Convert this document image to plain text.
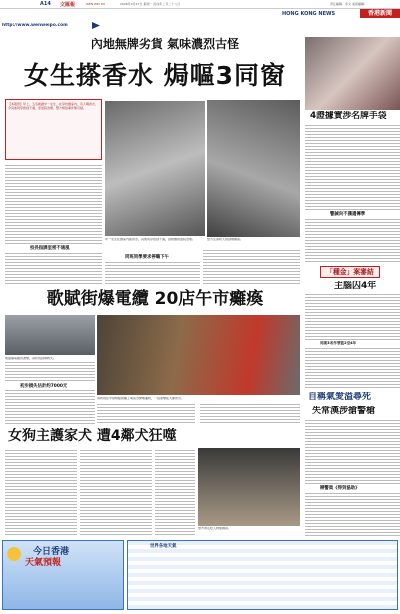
A14 文匯報	WEN WEI PO	2006年3月27日 星期一 丙戌年二月二十八日	責任編輯：李文 美術編輯：
HONG KONG NEWS	香港新聞
http://www.wenweipo.com
內地無牌劣貨 氣味濃烈古怪
女生搽香水 焗嘔3同窗
【本報訊】早上，五名就讀中一女生，在學校課室內，有人噴香水，令其他同學感到不適，需送院治理。警方相信事件無可疑。
校長指課室密不通風
中一女生在課室內搽香水，其他同學感到不適，由救護員送院治理。	警方及消防人員到場調查。
同班同學要求停職下午
4證據實涉名牌手袋
警誡向不獲遺傳學
「種金」案審結
主腦囚4年
同案3名作罪監2至4年
自稱氣愛溢尋死
失常漢涉搶警槍
辯警員《得到協助》
歌賦街爆電纜 20店午市癱瘓
地盤爆電纜冒濃煙，消防員到場救火。
初步損失估計約7000元
消防員在中環歌賦街戴上氧氣罩開喉灌救，一股黑煙從大廈冒出。
女狗主護家犬 遭4鄰犬狂噬
警方帶走咬人狗隻調查。
今日香港
天氣預報
世界各地天氣
